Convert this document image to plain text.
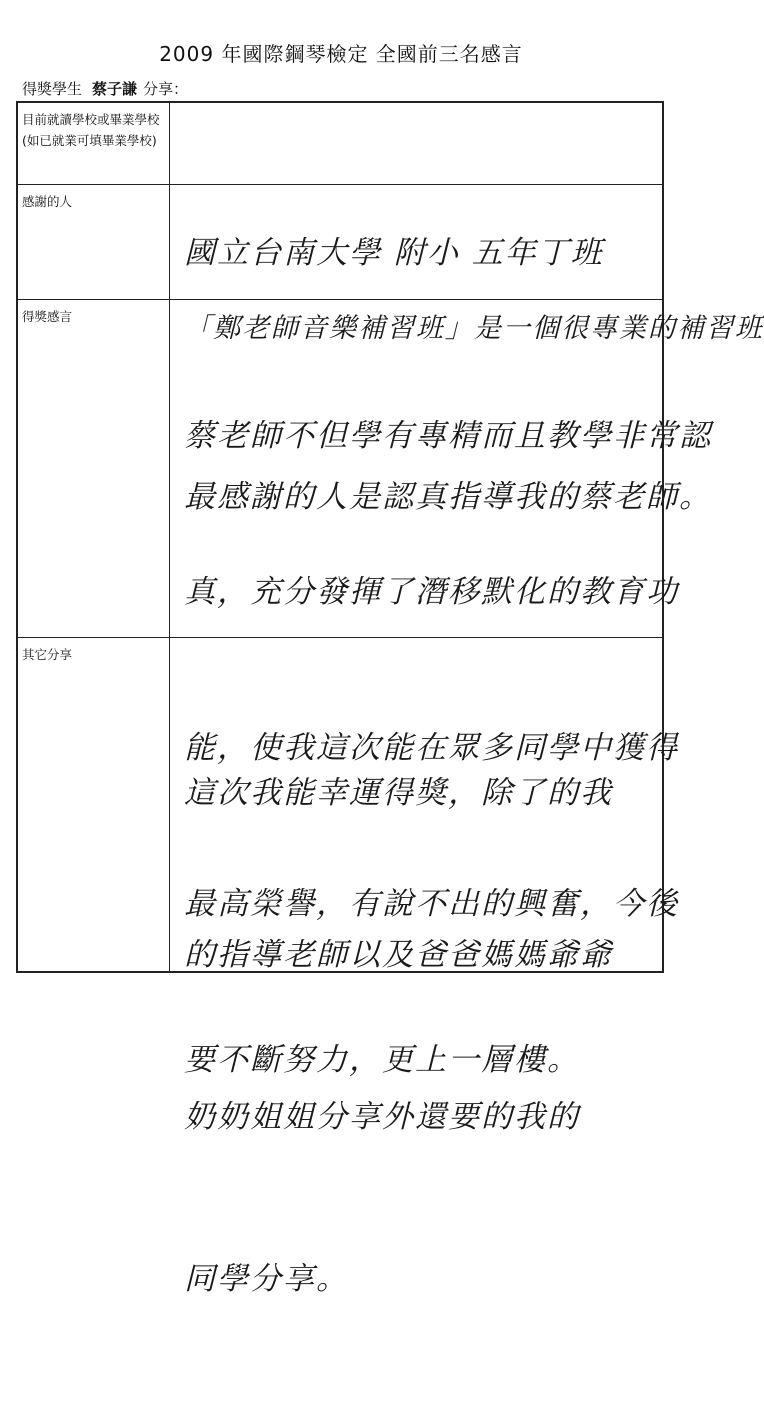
2009 年國際鋼琴檢定 全國前三名感言
得獎學生 蔡子謙 分享：
目前就讀學校或畢業學校(如已就業可填畢業學校)

國立台南大學 附小 五年丁班

感謝的人

「鄭老師音樂補習班」是一個很專業的補習班

最感謝的人是認真指導我的蔡老師。

得獎感言

蔡老師不但學有專精而且教學非常認

真，充分發揮了潛移默化的教育功

能，使我這次能在眾多同學中獲得

最高榮譽，有說不出的興奮，今後

要不斷努力，更上一層樓。

其它分享

這次我能幸運得獎，除了的我

的指導老師以及爸爸媽媽爺爺

奶奶姐姐分享外還要的我的

同學分享。
